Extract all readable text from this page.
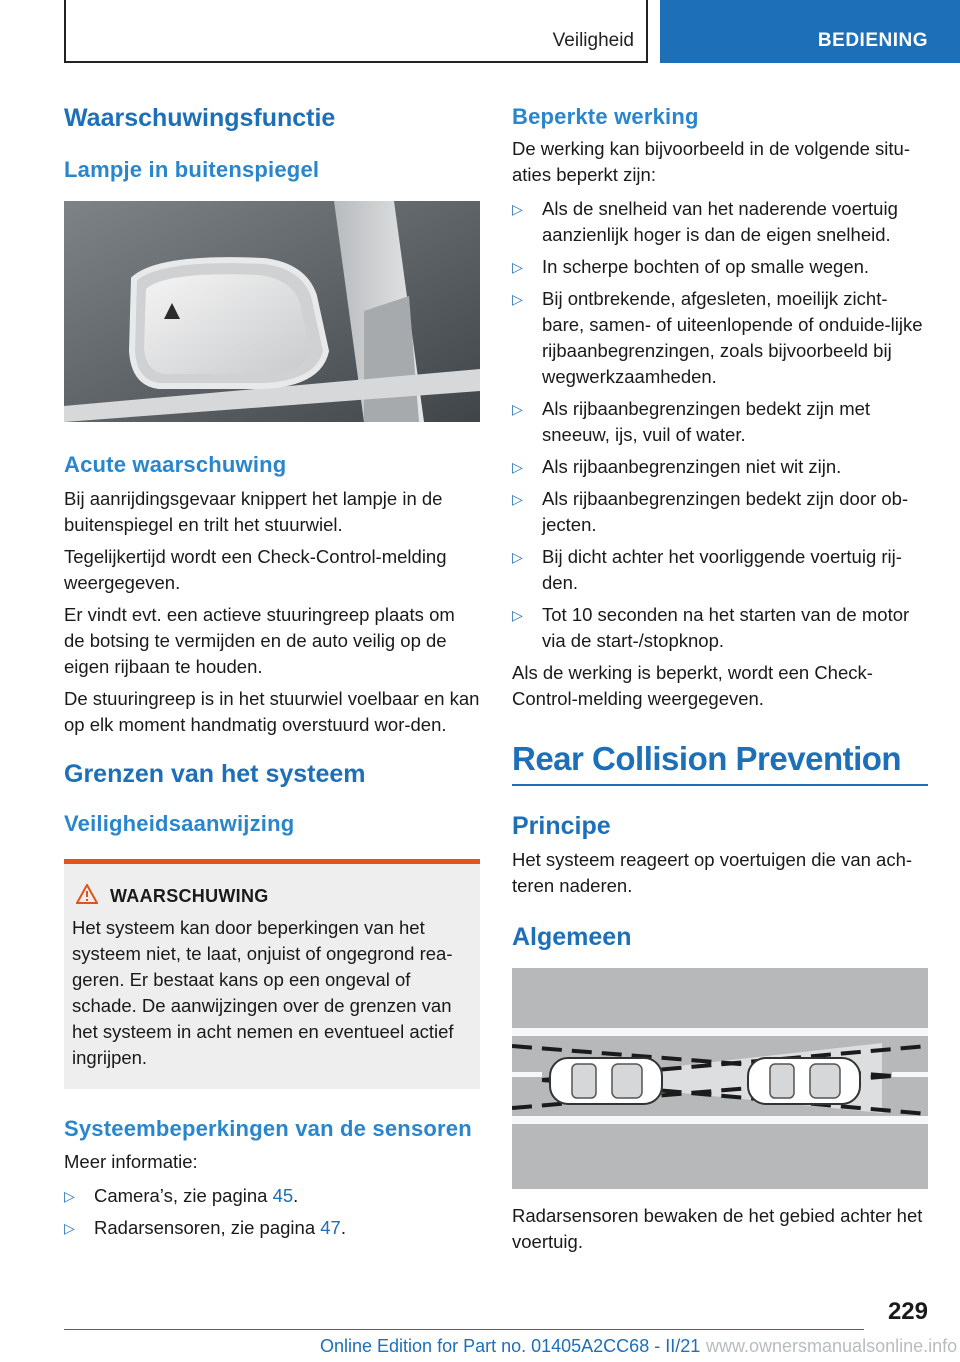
Veiligheid	BEDIENING
Waarschuwingsfunctie
Lampje in buitenspiegel
Acute waarschuwing

Bij aanrijdingsgevaar knippert het lampje in de buitenspiegel en trilt het stuurwiel.

Tegelijkertijd wordt een Check-Control-melding weergegeven.

Er vindt evt. een actieve stuuringreep plaats om de botsing te vermijden en de auto veilig op de eigen rijbaan te houden.

De stuuringreep is in het stuurwiel voelbaar en kan op elk moment handmatig overstuurd wor-den.

Grenzen van het systeem
Veiligheidsaanwijzing
WAARSCHUWING

Het systeem kan door beperkingen van het systeem niet, te laat, onjuist of ongegrond rea-geren. Er bestaat kans op een ongeval of schade. De aanwijzingen over de grenzen van het systeem in acht nemen en eventueel actief ingrijpen.

Systeembeperkingen van de sensoren

Meer informatie:

▷ Camera’s, zie pagina 45.
▷ Radarsensoren, zie pagina 47.
Beperkte werking

De werking kan bijvoorbeeld in de volgende situ-aties beperkt zijn:

▷ Als de snelheid van het naderende voertuig aanzienlijk hoger is dan de eigen snelheid.
▷ In scherpe bochten of op smalle wegen.
▷ Bij ontbrekende, afgesleten, moeilijk zicht-bare, samen- of uiteenlopende of onduide-lijke rijbaanbegrenzingen, zoals bijvoorbeeld bij wegwerkzaamheden.
▷ Als rijbaanbegrenzingen bedekt zijn met sneeuw, ijs, vuil of water.
▷ Als rijbaanbegrenzingen niet wit zijn.
▷ Als rijbaanbegrenzingen bedekt zijn door ob-jecten.
▷ Bij dicht achter het voorliggende voertuig rij-den.
▷ Tot 10 seconden na het starten van de motor via de start-/stopknop.

Als de werking is beperkt, wordt een Check-Control-melding weergegeven.

Rear Collision Prevention
Principe

Het systeem reageert op voertuigen die van ach-teren naderen.

Algemeen

Radarsensoren bewaken de het gebied achter het voertuig.

229
Online Edition for Part no. 01405A2CC68 - II/21 www.ownersmanualsonline.info
